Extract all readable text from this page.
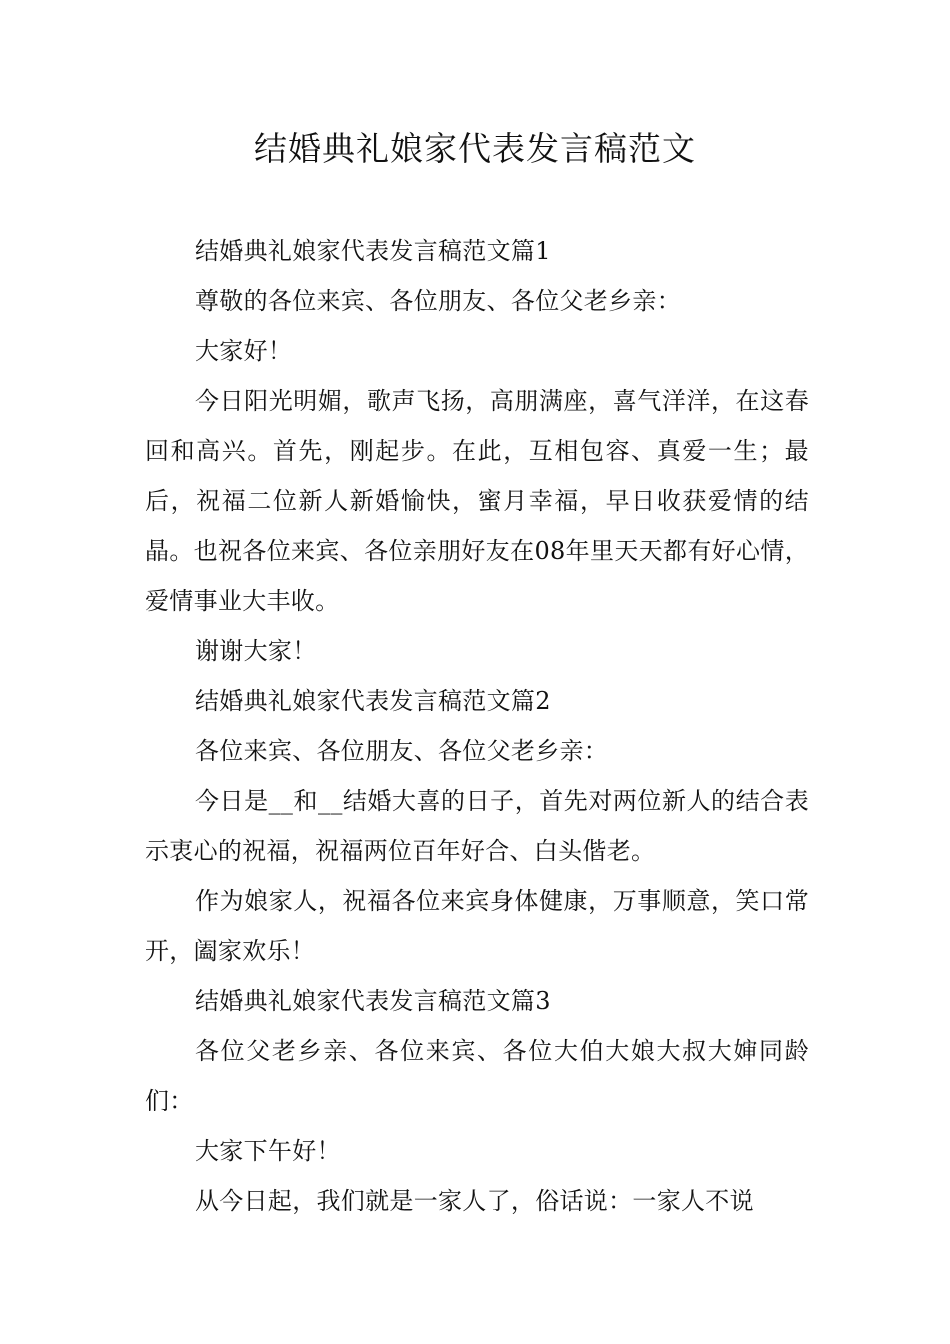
结婚典礼娘家代表发言稿范文

结婚典礼娘家代表发言稿范文篇1

尊敬的各位来宾、各位朋友、各位父老乡亲：

大家好！

今日阳光明媚，歌声飞扬，高朋满座，喜气洋洋，在这春回和高兴。首先，刚起步。在此，互相包容、真爱一生；最后，祝福二位新人新婚愉快，蜜月幸福，早日收获爱情的结晶。也祝各位来宾、各位亲朋好友在08年里天天都有好心情，爱情事业大丰收。

谢谢大家！

结婚典礼娘家代表发言稿范文篇2

各位来宾、各位朋友、各位父老乡亲：

今日是__和__结婚大喜的日子，首先对两位新人的结合表示衷心的祝福，祝福两位百年好合、白头偕老。

作为娘家人，祝福各位来宾身体健康，万事顺意，笑口常开，阖家欢乐！

结婚典礼娘家代表发言稿范文篇3

各位父老乡亲、各位来宾、各位大伯大娘大叔大婶同龄们：

大家下午好！

从今日起，我们就是一家人了，俗话说：一家人不说
